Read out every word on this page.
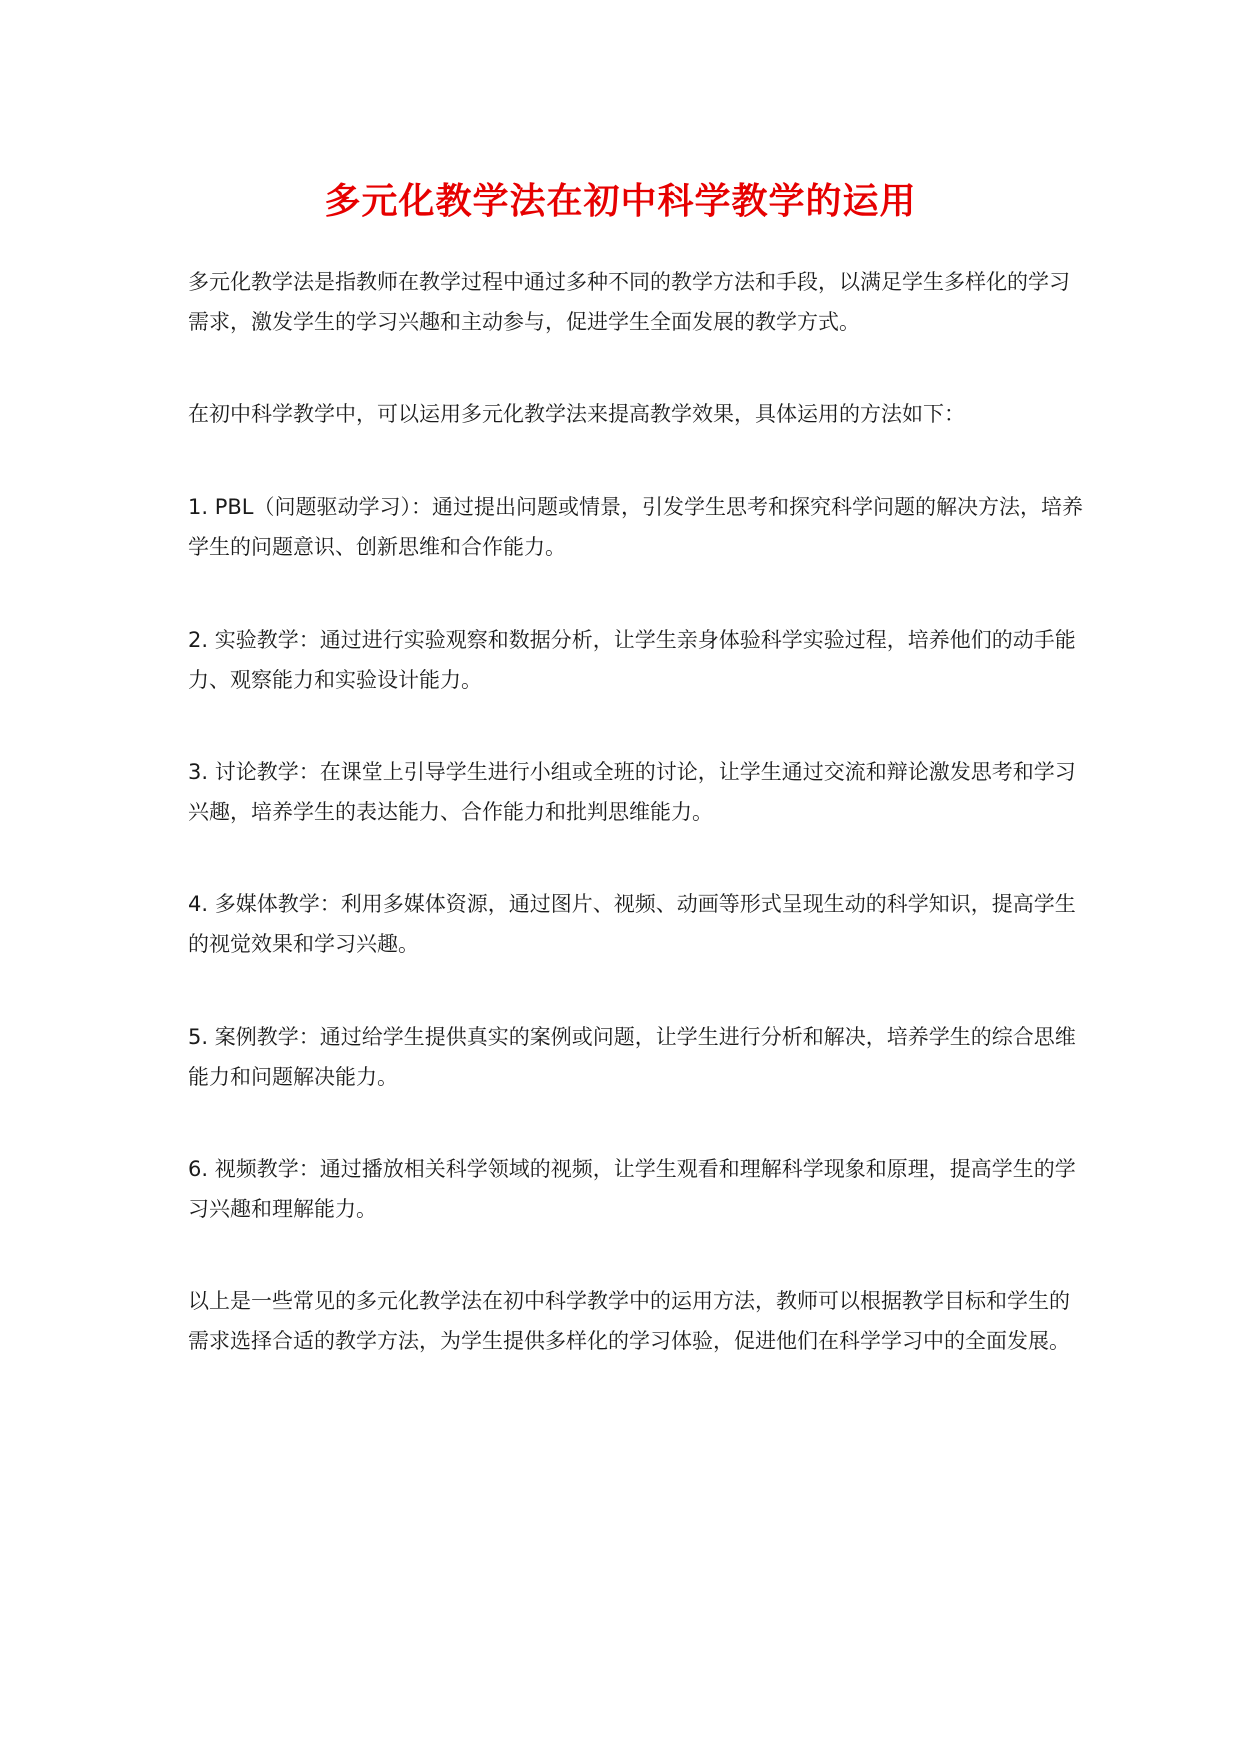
多元化教学法在初中科学教学的运用

多元化教学法是指教师在教学过程中通过多种不同的教学方法和手段，以满足学生多样化的学习需求，激发学生的学习兴趣和主动参与，促进学生全面发展的教学方式。

在初中科学教学中，可以运用多元化教学法来提高教学效果，具体运用的方法如下：

1. PBL（问题驱动学习）：通过提出问题或情景，引发学生思考和探究科学问题的解决方法，培养学生的问题意识、创新思维和合作能力。

2. 实验教学：通过进行实验观察和数据分析，让学生亲身体验科学实验过程，培养他们的动手能力、观察能力和实验设计能力。

3. 讨论教学：在课堂上引导学生进行小组或全班的讨论，让学生通过交流和辩论激发思考和学习兴趣，培养学生的表达能力、合作能力和批判思维能力。

4. 多媒体教学：利用多媒体资源，通过图片、视频、动画等形式呈现生动的科学知识，提高学生的视觉效果和学习兴趣。

5. 案例教学：通过给学生提供真实的案例或问题，让学生进行分析和解决，培养学生的综合思维能力和问题解决能力。

6. 视频教学：通过播放相关科学领域的视频，让学生观看和理解科学现象和原理，提高学生的学习兴趣和理解能力。

以上是一些常见的多元化教学法在初中科学教学中的运用方法，教师可以根据教学目标和学生的需求选择合适的教学方法，为学生提供多样化的学习体验，促进他们在科学学习中的全面发展。
